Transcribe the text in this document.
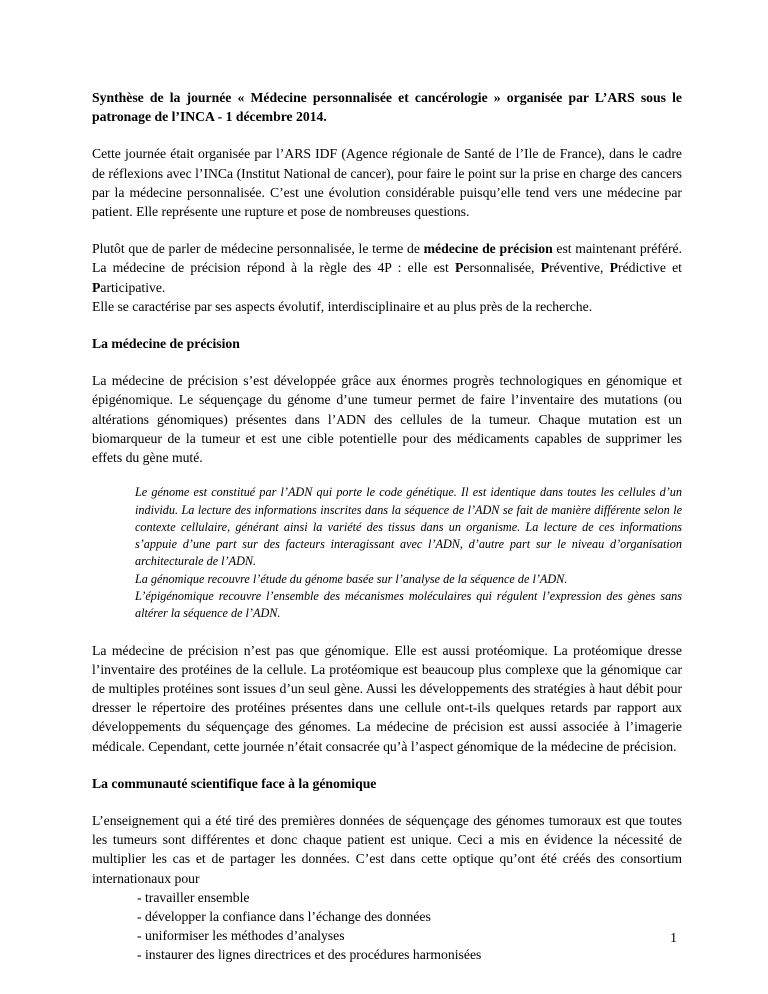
Synthèse de la journée « Médecine personnalisée et cancérologie » organisée par L’ARS sous le patronage de l’INCA - 1 décembre 2014.

Cette journée était organisée par l’ARS IDF (Agence régionale de Santé de l’Ile de France), dans le cadre de réflexions avec l’INCa (Institut National de cancer), pour faire le point sur la prise en charge des cancers par la médecine personnalisée. C’est une évolution considérable puisqu’elle tend vers une médecine par patient. Elle représente une rupture et pose de nombreuses questions.

Plutôt que de parler de médecine personnalisée, le terme de médecine de précision est maintenant préféré. La médecine de précision répond à la règle des 4P : elle est Personnalisée, Préventive, Prédictive et Participative.

Elle se caractérise par ses aspects évolutif, interdisciplinaire et au plus près de la recherche.

La médecine de précision

La médecine de précision s’est développée grâce aux énormes progrès technologiques en génomique et épigénomique. Le séquençage du génome d’une tumeur permet de faire l’inventaire des mutations (ou altérations génomiques) présentes dans l’ADN des cellules de la tumeur. Chaque mutation est un biomarqueur de la tumeur et est une cible potentielle pour des médicaments capables de supprimer les effets du gène muté.

Le génome est constitué par l’ADN qui porte le code génétique. Il est identique dans toutes les cellules d’un individu. La lecture des informations inscrites dans la séquence de l’ADN se fait de manière différente selon le contexte cellulaire, générant ainsi la variété des tissus dans un organisme. La lecture de ces informations s’appuie d’une part sur des facteurs interagissant avec l’ADN, d’autre part sur le niveau d’organisation architecturale de l’ADN.
La génomique recouvre l’étude du génome basée sur l’analyse de la séquence de l’ADN.
L’épigénomique recouvre l’ensemble des mécanismes moléculaires qui régulent l’expression des gènes sans altérer la séquence de l’ADN.

La médecine de précision n’est pas que génomique. Elle est aussi protéomique. La protéomique dresse l’inventaire des protéines de la cellule. La protéomique est beaucoup plus complexe que la génomique car de multiples protéines sont issues d’un seul gène. Aussi les développements des stratégies à haut débit pour dresser le répertoire des protéines présentes dans une cellule ont-t-ils quelques retards par rapport aux développements du séquençage des génomes. La médecine de précision est aussi associée à l’imagerie médicale. Cependant, cette journée n’était consacrée qu’à l’aspect génomique de la médecine de précision.

La communauté scientifique face à la génomique

L’enseignement qui a été tiré des premières données de séquençage des génomes tumoraux est que toutes les tumeurs sont différentes et donc chaque patient est unique. Ceci a mis en évidence la nécessité de multiplier les cas et de partager les données. C’est dans cette optique qu’ont été créés des consortium internationaux pour

- travailler ensemble
- développer la confiance dans l’échange des données
- uniformiser les méthodes d’analyses
- instaurer des lignes directrices et des procédures harmonisées
1
